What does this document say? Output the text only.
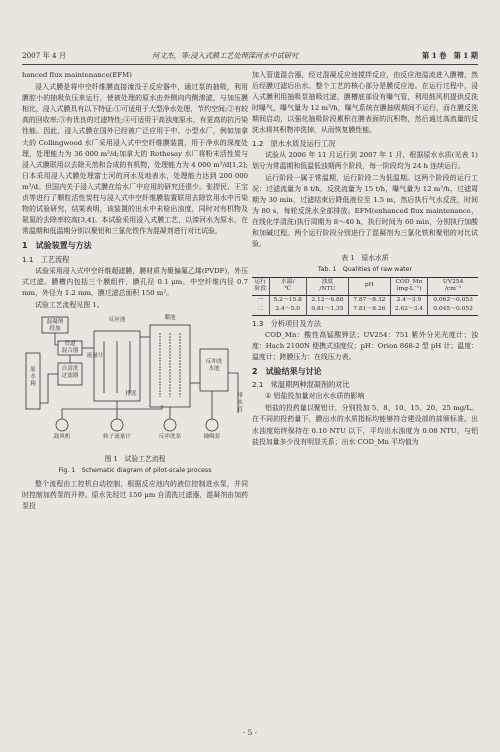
2007 年 4 月	何文杰，等:浸入式膜工艺处理滦河水中试研究	第 1 卷　第 1 期

hanced flux maintenance(EFM)

浸入式膜是将中空纤维膜直接淹没于反应器中，通过泵的抽吸，利用膜腔小的抽吸负压来运行，使被处理的原水由外侧向内侧渗滤，与加压膜相比，浸入式膜具有以下特征:①可适用于大型净水处理，节约空间;②有较高的回收率;③有优良的过滤特性;④可适用于高浊度原水，有更高的抗污染性能。因此，浸入式膜在国外已经被广泛应用于中、小型水厂，例如加拿大的 Collingwood 水厂采用浸入式中空纤维膜装置，用于净水的深度处理，处理能力为 36 000 m³/d;加拿大的 Rothesay 水厂将粉末活性炭与浸入式膜联用以去除天然和合成的有机物，处理能力为 4 000 m³/d[1,2];日本采用浸入式膜处理富士河的河水及地表水，处理能力达到 200 000 m³/d。但国内关于浸入式膜在给水厂中应用的研究还很少。张捍民、王宝贞等进行了颗粒活性炭柱与浸入式中空纤维膜装置联用去除饮用水中污染物的试验研究，结果表明，该装置的出水中未检出浊度，同时对有机物及氨氮的去除率较高[3,4]。本试验采用浸入式膜工艺，以滦河水为原水，在常温期和低温期分别以聚铝和三氯化铁作为混凝剂进行对比试验。

1　试验装置与方法
1.1　工艺流程

试验采用浸入式中空纤维超滤膜，膜材质为聚偏氟乙烯(PVDF)，外压式过滤。膜槽内包括三个膜组件，膜孔径 0.1 μm，中空纤维内径 0.7 mm，外径为 1.2 mm，膜过滤总面积 150 m²。

试验工艺流程见图 1。

混凝剂
投加
原
水
箱
管道
混合器
自清洗
过滤器
流量计
反应池	膜池
反冲洗
水池
鼓风机	转子流量计	反冲洗泵	抽吸泵
排泥	排
水
管
图 1　试验工艺流程
Fig. 1　Schematic diagram of pilot-scale process

整个流程由工控机自动控制，根据反应池内的液位控制进水泵，并同时控制加药泵的开停。原水先经过 150 μm 自清洗过滤器，混凝剂由加药泵投

加入管道混合器，经过混凝反应池搅拌反应，由反应池溢流进入膜槽，然后经膜过滤后出水。整个工艺的核心部分是膜反应池。在运行过程中，浸入式膜利用抽吸泵抽吸过滤，膜槽底部设有曝气管，利用鼓风机提供反洗时曝气，曝气量为 12 m³/h，曝气系统在膜抽吸期间不运行，而在膜反洗期间启动，以强化抽吸阶段累积在膜表面的沉积物，然后通过高流量的反洗水将其积物冲洗掉，从而恢复膜性能。

1.2　原水水质及运行工况

试验从 2006 年 11 月运行到 2007 年 1 月，根据原水水质(见表 1)划分为常温期和低温低浊期两个阶段，每一阶段均为 24 h 连续运行。

运行阶段一属于常温期，运行阶段二为低温期。这两个阶段的运行工况：过滤流量为 8 t/h，反洗流量为 15 t/h，曝气量为 12 m³/h，过滤周期为 30 min，过滤结束后降低液位至 1.5 m，然后执行气水反洗，时间为 80 s，每轮反洗水全部排放。EFM(enhanced flux maintenance，在线化学清洗)执行周期为 8～40 h，执行时间为 60 min，分别执行加酸和加碱过程。两个运行阶段分别进行了混凝剂为三氯化铁和聚铝的对比试验。

表 1　原水水质
Tab. 1　Qualities of raw water
运行
阶段	水温/
℃	浊度
/NTU	pH	COD_Mn
(mg·L⁻¹)	UV254
/cm⁻¹
一	5.2～15.8	2.12～6.88	7.87～8.32	2.4～3.9	0.062～0.053
二	2.4～5.0	0.81～1.35	7.81～8.26	2.62～3.4	0.045～0.052
1.3　分析项目及方法

COD_Mn：酸性高锰酸钾法；UV254：751 紫外分光光度计；浊度：Hach 2100N 便携式浊度仪；pH：Orion 868-2 型 pH 计；温度：温度计；跨膜压力：在线压力表。

2　试验结果与讨论
2.1　常温期两种混凝剂的对比
① 铝盐投加量对出水水质的影响

铝盐的投药量以聚铝计，分别投加 5、8、10、15、20、25 mg/L。在不同的投药量下，膜出水的水质指标均能够符合建设部的部颁标准。出水浊度始终保持在 0.10 NTU 以下，平均出水浊度为 0.08 NTU，与铝盐投加量多少没有明显关系；出水 COD_Mn 平均值为

· 5 ·
